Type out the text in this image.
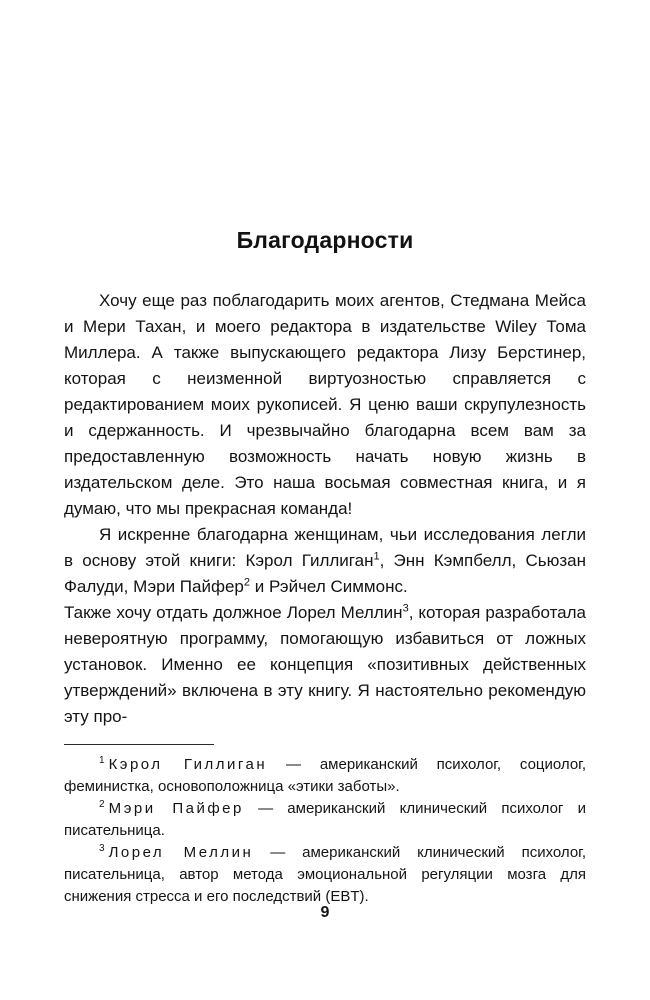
Благодарности

Хочу еще раз поблагодарить моих агентов, Стедмана Мейса и Мери Тахан, и моего редактора в издательстве Wiley Тома Миллера. А также выпускающего редактора Лизу Берстинер, которая с неизменной виртуозностью справляется с редактированием моих рукописей. Я ценю ваши скрупулезность и сдержанность. И чрезвычайно благодарна всем вам за предоставленную возможность начать новую жизнь в издательском деле. Это наша восьмая совместная книга, и я думаю, что мы прекрасная команда!

Я искренне благодарна женщинам, чьи исследования легли в основу этой книги: Кэрол Гиллиган$^1$, Энн Кэмпбелл, Сьюзан Фалуди, Мэри Пайфер$^2$ и Рэйчел Симмонс.

Также хочу отдать должное Лорел Меллин$^3$, которая разработала невероятную программу, помогающую избавиться от ложных установок. Именно ее концепция «позитивных действенных утверждений» включена в эту книгу. Я настоятельно рекомендую эту про-

$^1$ Кэрол Гиллиган — американский психолог, социолог, феминистка, основоположница «этики заботы».

$^2$ Мэри Пайфер — американский клинический психолог и писательница.

$^3$ Лорел Меллин — американский клинический психолог, писательница, автор метода эмоциональной регуляции мозга для снижения стресса и его последствий (EBT).

9
